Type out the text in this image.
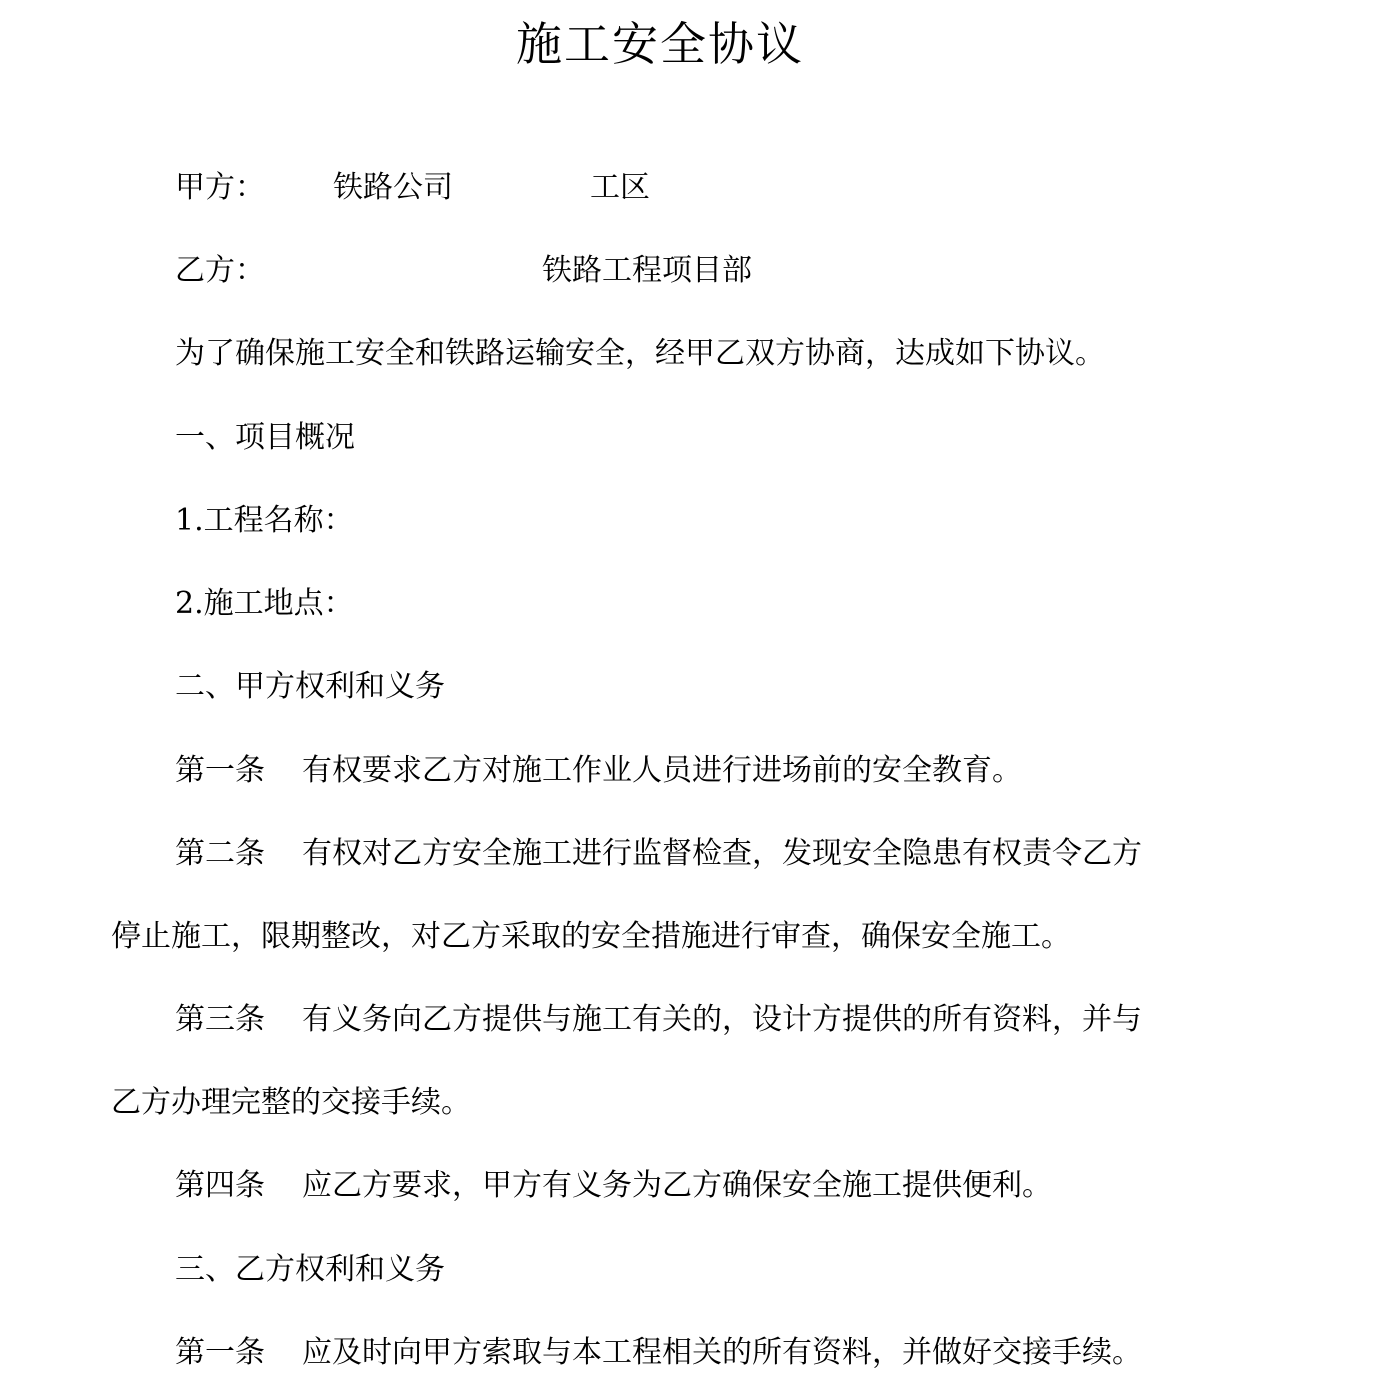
施工安全协议
甲方： 铁路公司	工区
乙方：	铁路工程项目部

为了确保施工安全和铁路运输安全，经甲乙双方协商，达成如下协议。

一、项目概况

1.工程名称：

2.施工地点：

二、甲方权利和义务

第一条 有权要求乙方对施工作业人员进行进场前的安全教育。

第二条 有权对乙方安全施工进行监督检查，发现安全隐患有权责令乙方

停止施工，限期整改，对乙方采取的安全措施进行审查，确保安全施工。

第三条 有义务向乙方提供与施工有关的，设计方提供的所有资料，并与

乙方办理完整的交接手续。

第四条 应乙方要求，甲方有义务为乙方确保安全施工提供便利。

三、乙方权利和义务

第一条 应及时向甲方索取与本工程相关的所有资料，并做好交接手续。
